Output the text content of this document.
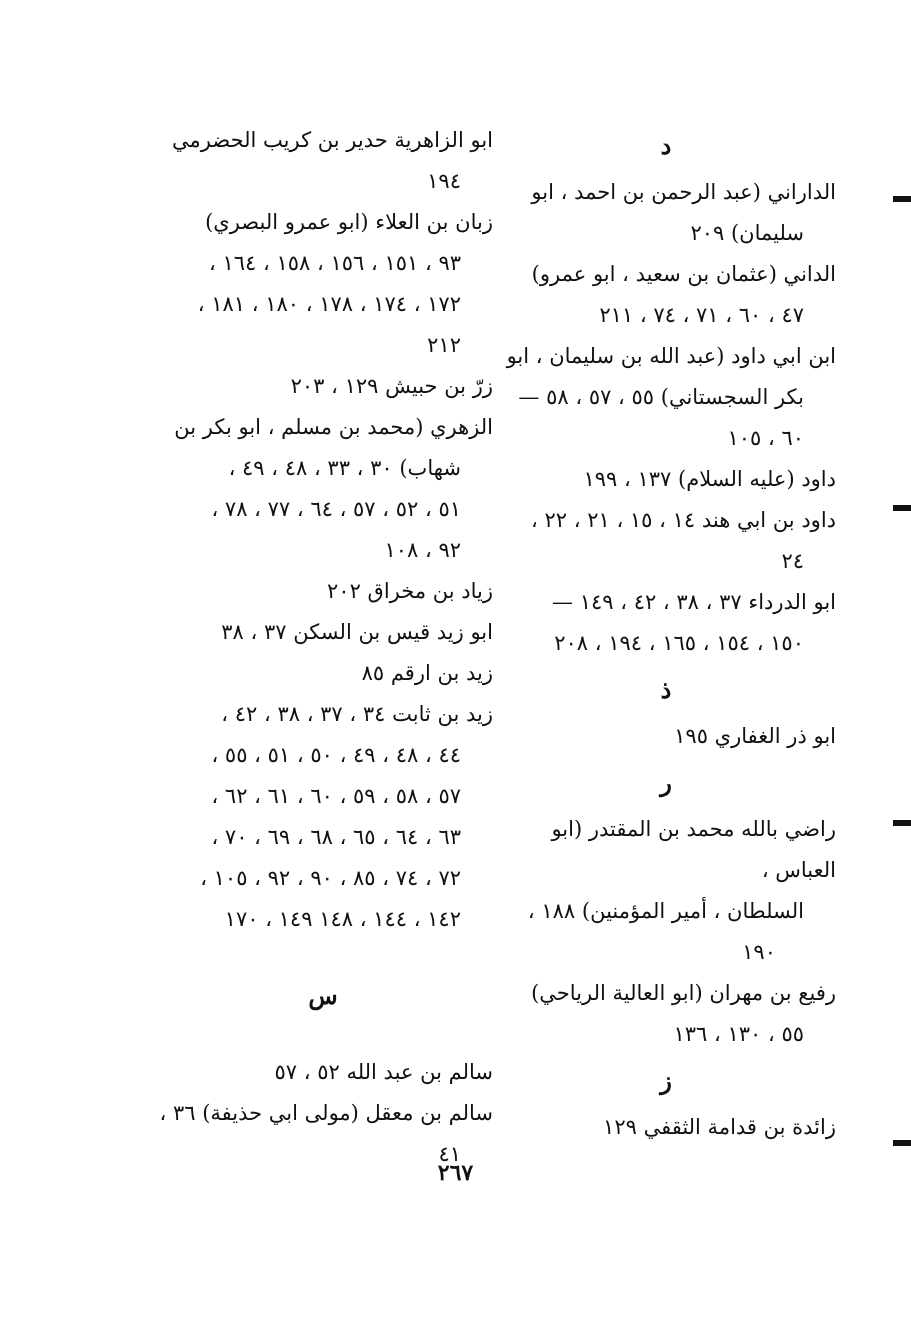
د
الداراني (عبد الرحمن بن احمد ، ابو
سليمان) ٢٠٩
الداني (عثمان بن سعيد ، ابو عمرو)
٤٧ ، ٦٠ ، ٧١ ، ٧٤ ، ٢١١
ابن ابي داود (عبد الله بن سليمان ، ابو
بكر السجستاني) ٥٥ ، ٥٧ ، ٥٨ —
٦٠ ، ١٠٥
داود (عليه السلام) ١٣٧ ، ١٩٩
داود بن ابي هند ١٤ ، ١٥ ، ٢١ ، ٢٢ ،
٢٤
ابو الدرداء ٣٧ ، ٣٨ ، ٤٢ ، ١٤٩ —
١٥٠ ، ١٥٤ ، ١٦٥ ، ١٩٤ ، ٢٠٨
ذ
ابو ذر الغفاري ١٩٥
ر
راضي بالله محمد بن المقتدر (ابو العباس ،
السلطان ، أمير المؤمنين) ١٨٨ ،
١٩٠
رفيع بن مهران (ابو العالية الرياحي)
٥٥ ، ١٣٠ ، ١٣٦
ز
زائدة بن قدامة الثقفي ١٢٩
ابو الزاهرية حدير بن كريب الحضرمي
١٩٤
زبان بن العلاء (ابو عمرو البصري)
٩٣ ، ١٥١ ، ١٥٦ ، ١٥٨ ، ١٦٤ ،
١٧٢ ، ١٧٤ ، ١٧٨ ، ١٨٠ ، ١٨١ ،
٢١٢
زرّ بن حبيش ١٢٩ ، ٢٠٣
الزهري (محمد بن مسلم ، ابو بكر بن
شهاب) ٣٠ ، ٣٣ ، ٤٨ ، ٤٩ ،
٥١ ، ٥٢ ، ٥٧ ، ٦٤ ، ٧٧ ، ٧٨ ،
٩٢ ، ١٠٨
زياد بن مخراق ٢٠٢
ابو زيد قيس بن السكن ٣٧ ، ٣٨
زيد بن ارقم ٨٥
زيد بن ثابت ٣٤ ، ٣٧ ، ٣٨ ، ٤٢ ،
٤٤ ، ٤٨ ، ٤٩ ، ٥٠ ، ٥١ ، ٥٥ ،
٥٧ ، ٥٨ ، ٥٩ ، ٦٠ ، ٦١ ، ٦٢ ،
٦٣ ، ٦٤ ، ٦٥ ، ٦٨ ، ٦٩ ، ٧٠ ،
٧٢ ، ٧٤ ، ٨٥ ، ٩٠ ، ٩٢ ، ١٠٥ ،
١٤٢ ، ١٤٤ ، ١٤٨ ١٤٩ ، ١٧٠
س
سالم بن عبد الله ٥٢ ، ٥٧
سالم بن معقل (مولى ابي حذيفة) ٣٦ ،
٤١
٢٦٧
